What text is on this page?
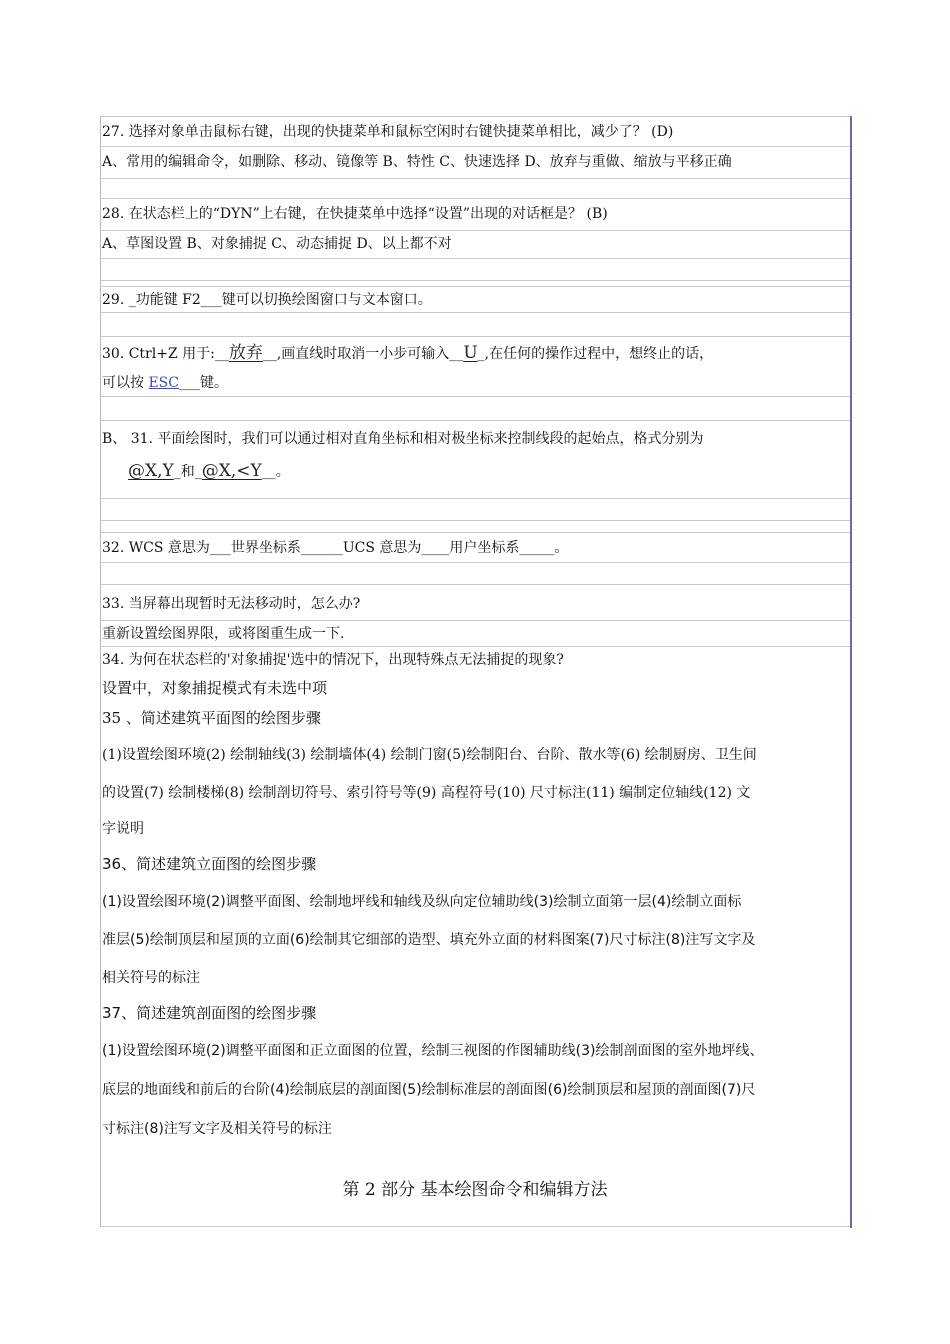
27. 选择对象单击鼠标右键，出现的快捷菜单和鼠标空闲时右键快捷菜单相比，减少了？ (D)
A、常用的编辑命令，如删除、移动、镜像等 B、特性 C、快速选择 D、放弃与重做、缩放与平移正确
28. 在状态栏上的“DYN”上右键，在快捷菜单中选择“设置”出现的对话框是？ (B)
A、草图设置 B、对象捕捉 C、动态捕捉 D、以上都不对
29. _功能键 F2___键可以切换绘图窗口与文本窗口。
30. Ctrl+Z 用于:__放弃__,画直线时取消一小步可输入__U_,在任何的操作过程中，想终止的话，
可以按 ESC___键。
B、 31. 平面绘图时，我们可以通过相对直角坐标和相对极坐标来控制线段的起始点，格式分别为
@X,Y_和_@X,<Y__。
32. WCS 意思为___世界坐标系______UCS 意思为____用户坐标系_____。
33. 当屏幕出现暂时无法移动时，怎么办?
重新设置绘图界限，或将图重生成一下.
34. 为何在状态栏的'对象捕捉'选中的情况下，出现特殊点无法捕捉的现象?
设置中，对象捕捉模式有未选中项
35 、简述建筑平面图的绘图步骤
(1)设置绘图环境(2) 绘制轴线(3) 绘制墙体(4) 绘制门窗(5)绘制阳台、台阶、散水等(6) 绘制厨房、卫生间
的设置(7) 绘制楼梯(8) 绘制剖切符号、索引符号等(9) 高程符号(10) 尺寸标注(11) 编制定位轴线(12) 文
字说明
36、简述建筑立面图的绘图步骤
(1)设置绘图环境(2)调整平面图、绘制地坪线和轴线及纵向定位辅助线(3)绘制立面第一层(4)绘制立面标
准层(5)绘制顶层和屋顶的立面(6)绘制其它细部的造型、填充外立面的材料图案(7)尺寸标注(8)注写文字及
相关符号的标注
37、简述建筑剖面图的绘图步骤
(1)设置绘图环境(2)调整平面图和正立面图的位置，绘制三视图的作图辅助线(3)绘制剖面图的室外地坪线、
底层的地面线和前后的台阶(4)绘制底层的剖面图(5)绘制标准层的剖面图(6)绘制顶层和屋顶的剖面图(7)尺
寸标注(8)注写文字及相关符号的标注
第 2 部分 基本绘图命令和编辑方法
